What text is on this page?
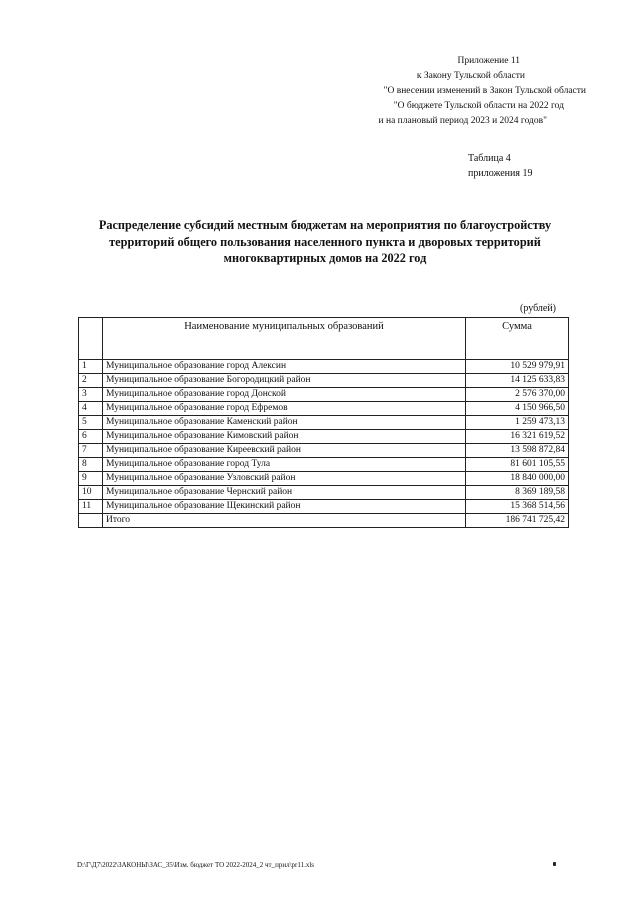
Приложение 11
к Закону Тульской области
"О внесении изменений в Закон Тульской области
"О бюджете Тульской области на 2022 год
и на плановый период 2023 и 2024 годов"
Таблица 4
приложения 19
Распределение субсидий местным бюджетам на мероприятия по благоустройству территорий общего пользования населенного пункта и дворовых территорий многоквартирных домов на 2022 год
(рублей)
	Наименование муниципальных образований	Сумма
1	Муниципальное образование город Алексин	10 529 979,91
2	Муниципальное образование Богородицкий район	14 125 633,83
3	Муниципальное образование город Донской	2 576 370,00
4	Муниципальное образование город Ефремов	4 150 966,50
5	Муниципальное образование Каменский район	1 259 473,13
6	Муниципальное образование Кимовский район	16 321 619,52
7	Муниципальное образование Киреевский район	13 598 872,84
8	Муниципальное образование город Тула	81 601 105,55
9	Муниципальное образование Узловский район	18 840 000,00
10	Муниципальное образование Чернский район	8 369 189,58
11	Муниципальное образование Щекинский район	15 368 514,56
	Итого	186 741 725,42
D:\Г\Д7\2022\ЗАКОНЫ\ЗАС_35\Изм. бюджет ТО 2022-2024_2 чт_прил\pr11.xls
